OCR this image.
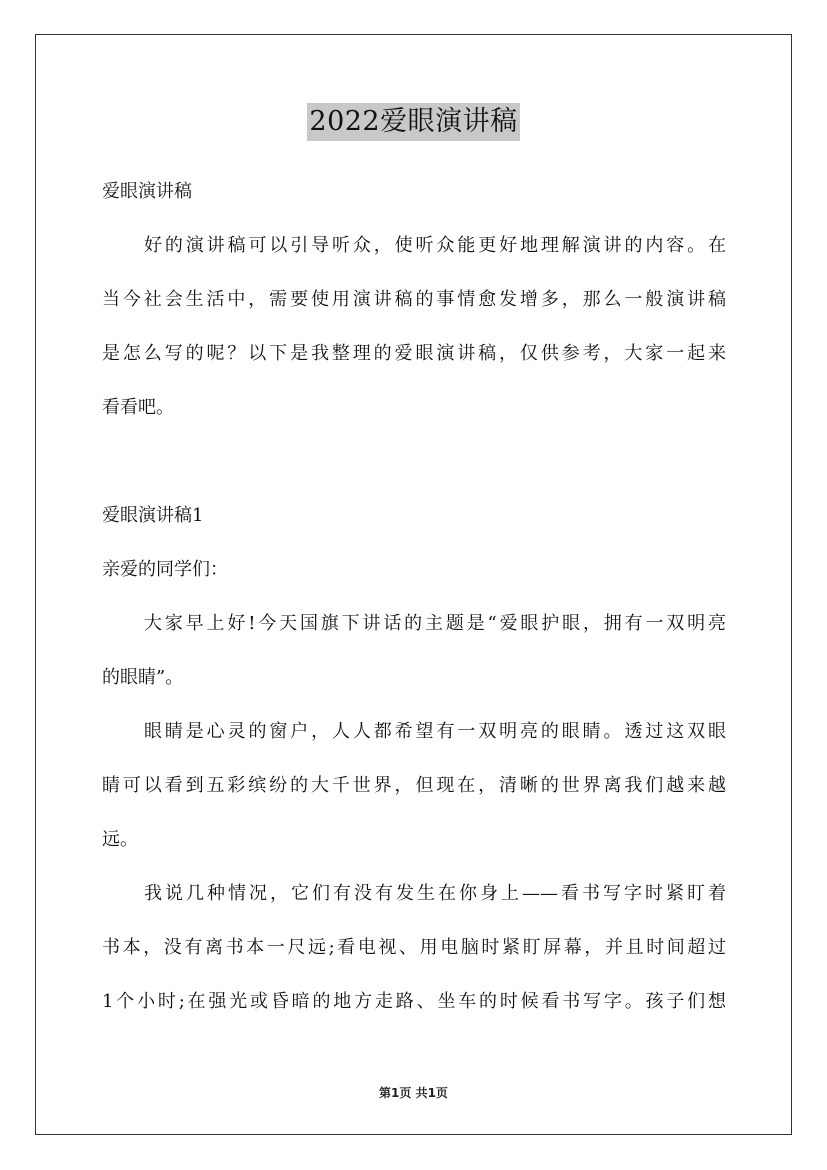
2022爱眼演讲稿
爱眼演讲稿
好的演讲稿可以引导听众，使听众能更好地理解演讲的内容。在
当今社会生活中，需要使用演讲稿的事情愈发增多，那么一般演讲稿
是怎么写的呢？以下是我整理的爱眼演讲稿，仅供参考，大家一起来
看看吧。
爱眼演讲稿1
亲爱的同学们：
大家早上好!今天国旗下讲话的主题是“爱眼护眼，拥有一双明亮
的眼睛”。
眼睛是心灵的窗户，人人都希望有一双明亮的眼睛。透过这双眼
睛可以看到五彩缤纷的大千世界，但现在，清晰的世界离我们越来越
远。
我说几种情况，它们有没有发生在你身上——看书写字时紧盯着
书本，没有离书本一尺远;看电视、用电脑时紧盯屏幕，并且时间超过
1个小时;在强光或昏暗的地方走路、坐车的时候看书写字。孩子们想
第1页 共1页
